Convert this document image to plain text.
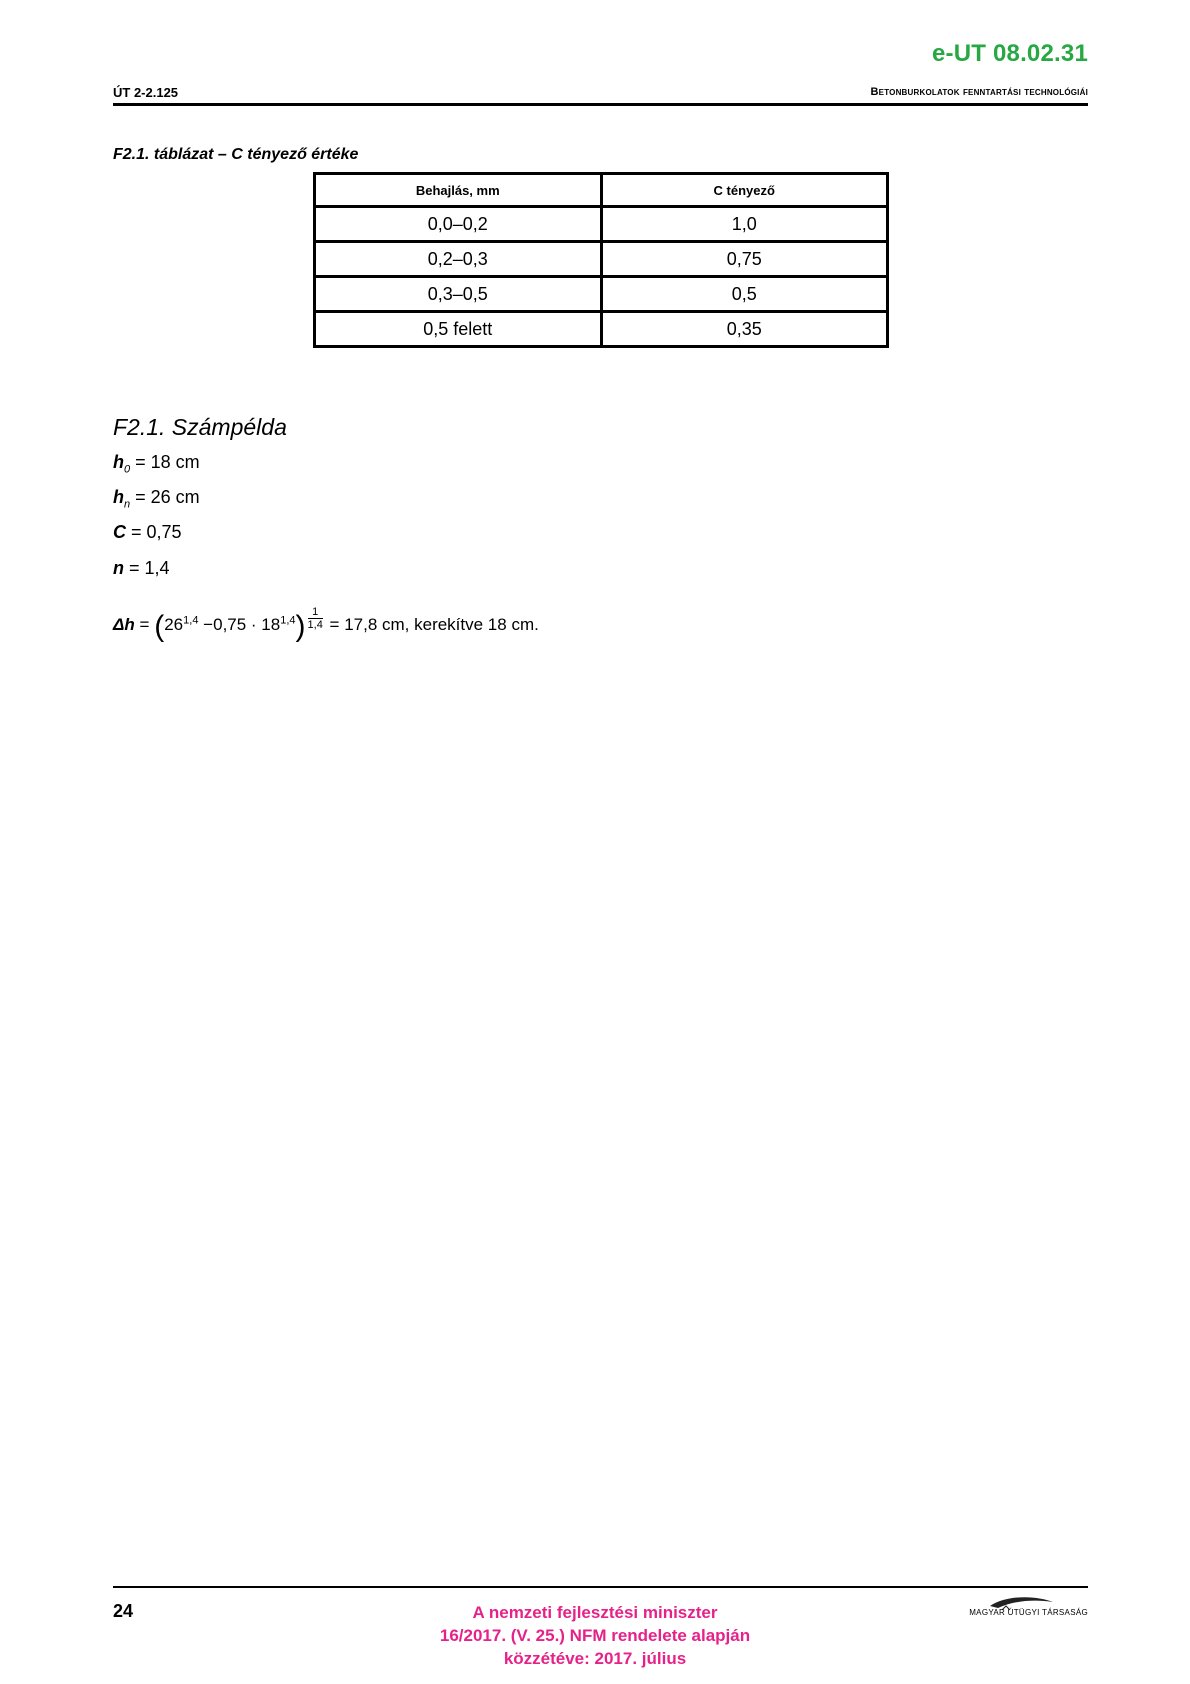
e-UT 08.02.31
ÚT 2-2.125	Betonburkolatok fenntartási technológiái
F2.1. táblázat – C tényező értéke
Behajlás, mm	C tényező
0,0–0,2	1,0
0,2–0,3	0,75
0,3–0,5	0,5
0,5 felett	0,35
F2.1. Számpélda
$h_0 = 18$ cm
$h_n = 26$ cm
C = 0,75
n = 1,4
$\Delta h = (26^{1,4} -0,75 \cdot 18^{1,4}) \frac{1}{1,4} = 17,8$ cm, kerekítve 18 cm.
24	A nemzeti fejlesztési miniszter
16/2017. (V. 25.) NFM rendelete alapján
közzétéve: 2017. július
MAGYAR ÚTÜGYI TÁRSASÁG
